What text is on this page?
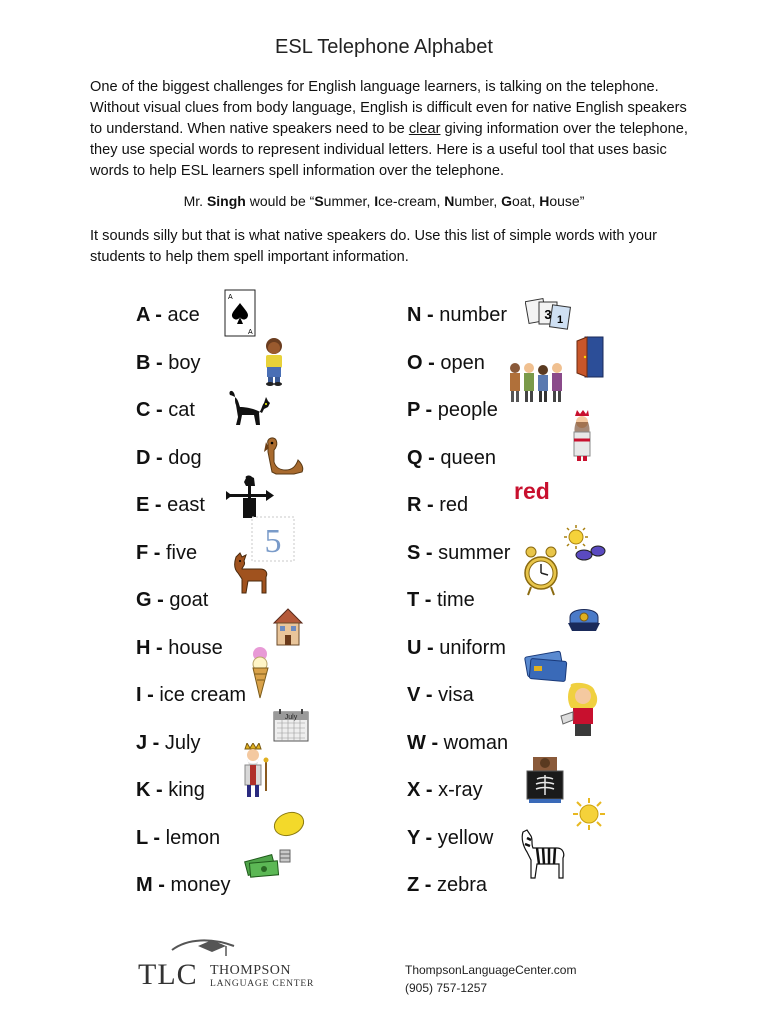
ESL Telephone Alphabet
One of the biggest challenges for English language learners, is talking on the telephone. Without visual clues from body language, English is difficult even for native English speakers to understand. When native speakers need to be clear giving information over the telephone, they use special words to represent individual letters. Here is a useful tool that uses basic words to help ESL learners spell information over the telephone.
Mr. Singh would be “Summer, Ice-cream, Number, Goat, House”
It sounds silly but that is what native speakers do. Use this list of simple words with your students to help them spell important information.
A - ace
A
A
B - boy
C - cat
D - dog
E - east
F - five 5
G - goat
H - house
I - ice cream
J - July
July
K - king
L - lemon
M - money
N - number	3 1
O - open
P - people
Q - queen
R - red
red
S - summer
T - time
U - uniform
V - visa
W - woman
X - x-ray
Y - yellow
Z - zebra
TLC THOMPSON
LANGUAGE CENTER
ThompsonLanguageCenter.com
(905) 757-1257
